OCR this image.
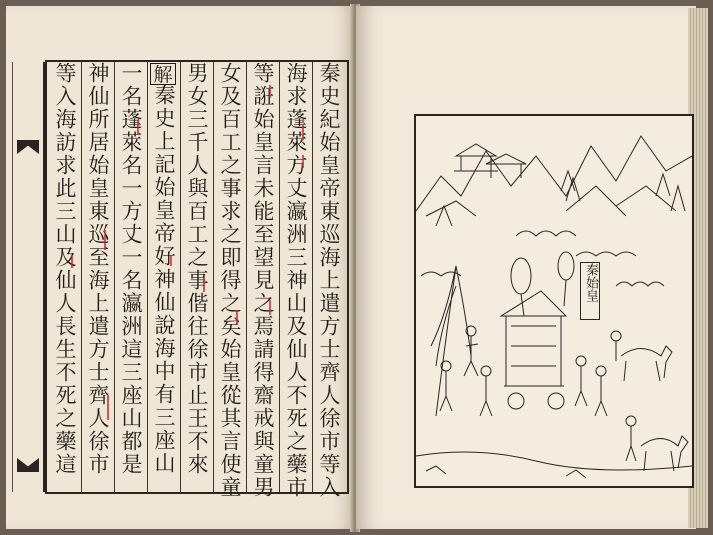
秦史紀始皇帝東巡海上遣方士齊人徐市等入
海求蓬萊方丈瀛洲三神山及仙人不死之藥市
等誑始皇言未能至望見之焉請得齋戒與童男
女及百工之事求之即得之矣始皇從其言使童
男女三千人與百工之事偕往徐市止王不來
秦史上記始皇帝好神仙說海中有三座山
解
一名蓬萊名一方丈一名瀛洲這三座山都是
神仙所居始皇東巡至海上遣方士齊人徐市
等入海訪求此三山及仙人長生不死之藥這	秦始皇
